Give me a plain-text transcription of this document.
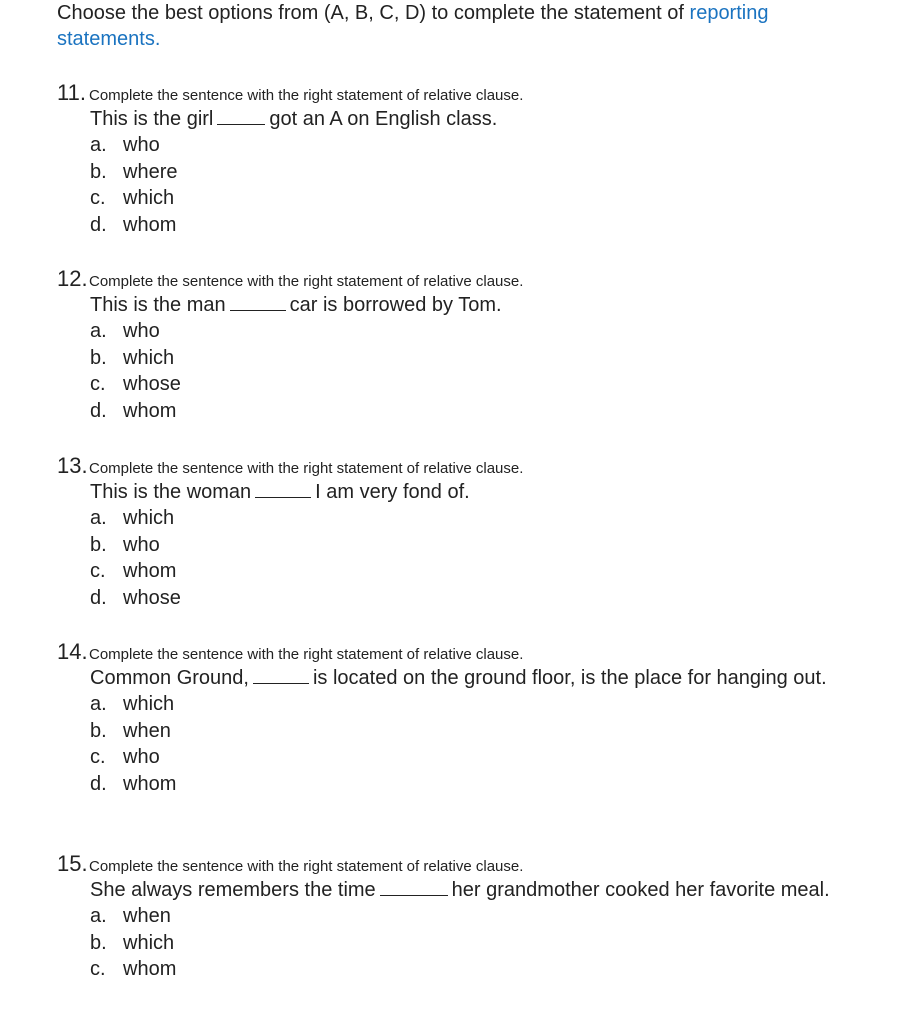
Choose the best options from (A, B, C, D) to complete the statement of reporting statements.
11. Complete the sentence with the right statement of relative clause.
This is the girl	got an A on English class.
a. who
b. where
c. which
d. whom
12. Complete the sentence with the right statement of relative clause.
This is the man	car is borrowed by Tom.
a. who
b. which
c. whose
d. whom
13. Complete the sentence with the right statement of relative clause.
This is the woman	I am very fond of.
a. which
b. who
c. whom
d. whose
14. Complete the sentence with the right statement of relative clause.
Common Ground,	is located on the ground floor, is the place for hanging out.
a. which
b. when
c. who
d. whom
15. Complete the sentence with the right statement of relative clause.
She always remembers the time	her grandmother cooked her favorite meal.
a. when
b. which
c. whom
